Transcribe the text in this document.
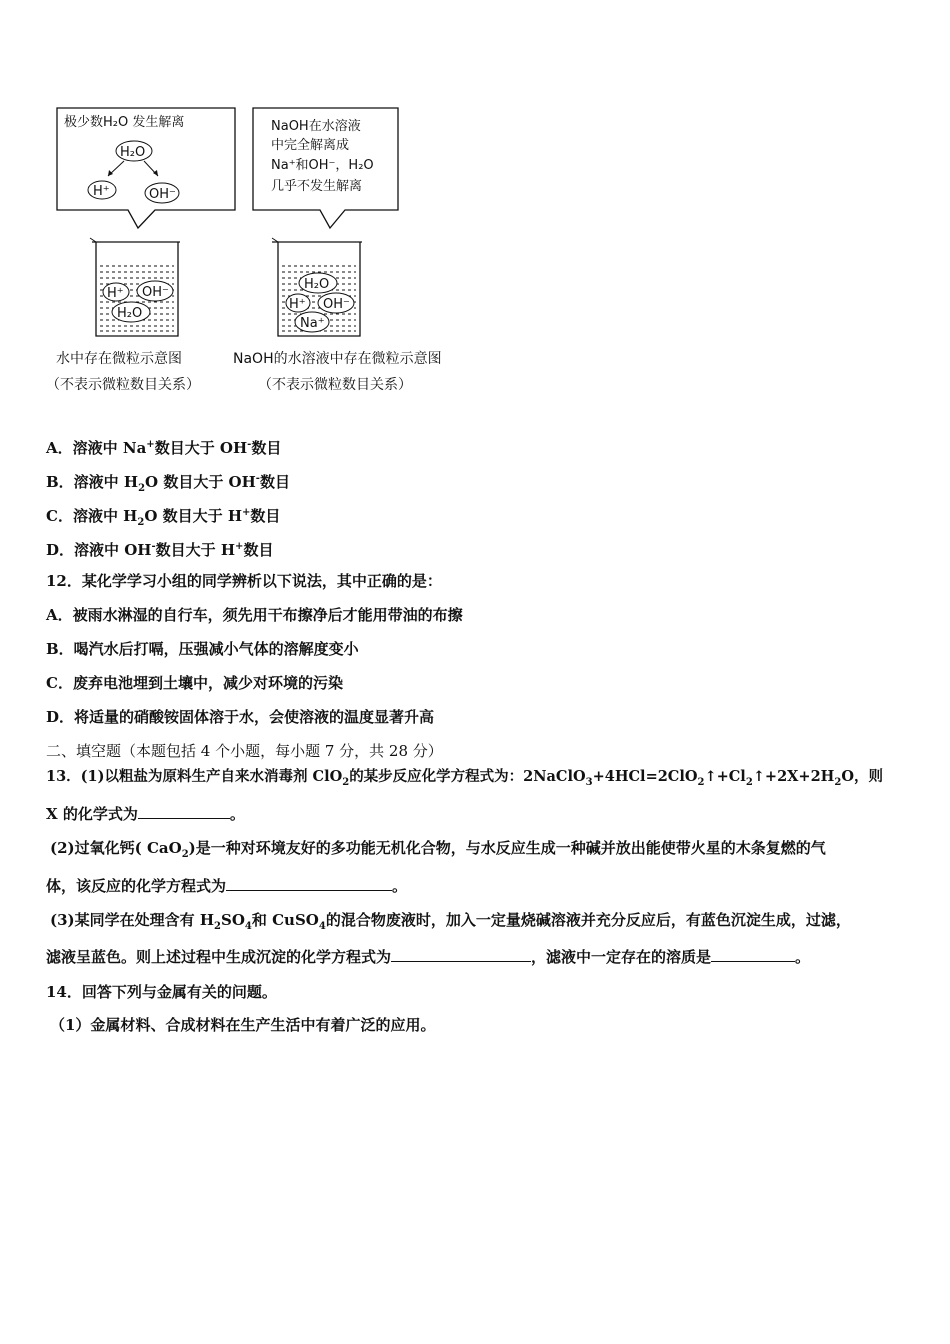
极少数H₂O 发生解离
H₂O
H⁺	OH⁻
NaOH在水溶液
中完全解离成
Na⁺和OH⁻，H₂O
几乎不发生解离
H⁺ OH⁻
H₂O
H₂O
H⁺ OH⁻
Na⁺
水中存在微粒示意图
（不表示微粒数目关系）
NaOH的水溶液中存在微粒示意图
（不表示微粒数目关系）
A．溶液中 Na+数目大于 OH-数目
B．溶液中 $H_2O$ 数目大于 OH-数目
C．溶液中 $H_2O$ 数目大于 H+数目
D．溶液中 OH-数目大于 H+数目
12．某化学学习小组的同学辨析以下说法，其中正确的是：
A．被雨水淋湿的自行车，须先用干布擦净后才能用带油的布擦
B．喝汽水后打嗝，压强减小气体的溶解度变小
C．废弃电池埋到土壤中，减少对环境的污染
D．将适量的硝酸铵固体溶于水，会使溶液的温度显著升高
二、填空题（本题包括 4 个小题，每小题 7 分，共 28 分）
13．(1)以粗盐为原料生产自来水消毒剂 ClO$_2$的某步反应化学方程式为：$2NaClO_3+4HCl=2ClO_2↑+Cl_2↑+2X+2H_2O$，则
X 的化学式为	。
(2)过氧化钙( CaO$_2$)是一种对环境友好的多功能无机化合物，与水反应生成一种碱并放出能使带火星的木条复燃的气
体，该反应的化学方程式为	。
(3)某同学在处理含有 $H_2SO_4$和 CuSO$_4$的混合物废液时，加入一定量烧碱溶液并充分反应后，有蓝色沉淀生成，过滤，
滤液呈蓝色。则上述过程中生成沉淀的化学方程式为	，滤液中一定存在的溶质是	。
14．回答下列与金属有关的问题。
（1）金属材料、合成材料在生产生活中有着广泛的应用。
